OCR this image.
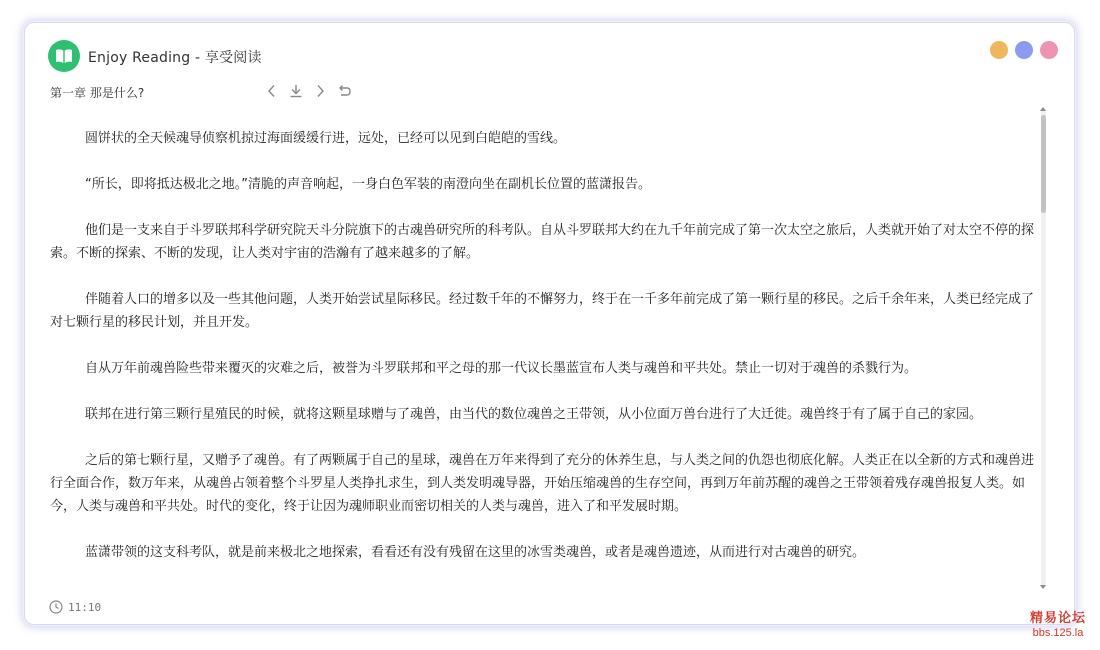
Enjoy Reading - 享受阅读
第一章 那是什么?

圆饼状的全天候魂导侦察机掠过海面缓缓行进，远处，已经可以见到白皑皑的雪线。

“所长，即将抵达极北之地。”清脆的声音响起，一身白色军装的南澄向坐在副机长位置的蓝潇报告。

他们是一支来自于斗罗联邦科学研究院天斗分院旗下的古魂兽研究所的科考队。自从斗罗联邦大约在九千年前完成了第一次太空之旅后，人类就开始了对太空不停的探索。不断的探索、不断的发现，让人类对宇宙的浩瀚有了越来越多的了解。

伴随着人口的增多以及一些其他问题，人类开始尝试星际移民。经过数千年的不懈努力，终于在一千多年前完成了第一颗行星的移民。之后千余年来，人类已经完成了对七颗行星的移民计划，并且开发。

自从万年前魂兽险些带来覆灭的灾难之后，被誉为斗罗联邦和平之母的那一代议长墨蓝宣布人类与魂兽和平共处。禁止一切对于魂兽的杀戮行为。

联邦在进行第三颗行星殖民的时候，就将这颗星球赠与了魂兽，由当代的数位魂兽之王带领，从小位面万兽台进行了大迁徙。魂兽终于有了属于自己的家园。

之后的第七颗行星，又赠予了魂兽。有了两颗属于自己的星球，魂兽在万年来得到了充分的休养生息，与人类之间的仇怨也彻底化解。人类正在以全新的方式和魂兽进行全面合作，数万年来，从魂兽占领着整个斗罗星人类挣扎求生，到人类发明魂导器，开始压缩魂兽的生存空间，再到万年前苏醒的魂兽之王带领着残存魂兽报复人类。如今，人类与魂兽和平共处。时代的变化，终于让因为魂师职业而密切相关的人类与魂兽，进入了和平发展时期。

蓝潇带领的这支科考队，就是前来极北之地探索，看看还有没有残留在这里的冰雪类魂兽，或者是魂兽遗迹，从而进行对古魂兽的研究。

11:10
精易论坛
bbs.125.la
